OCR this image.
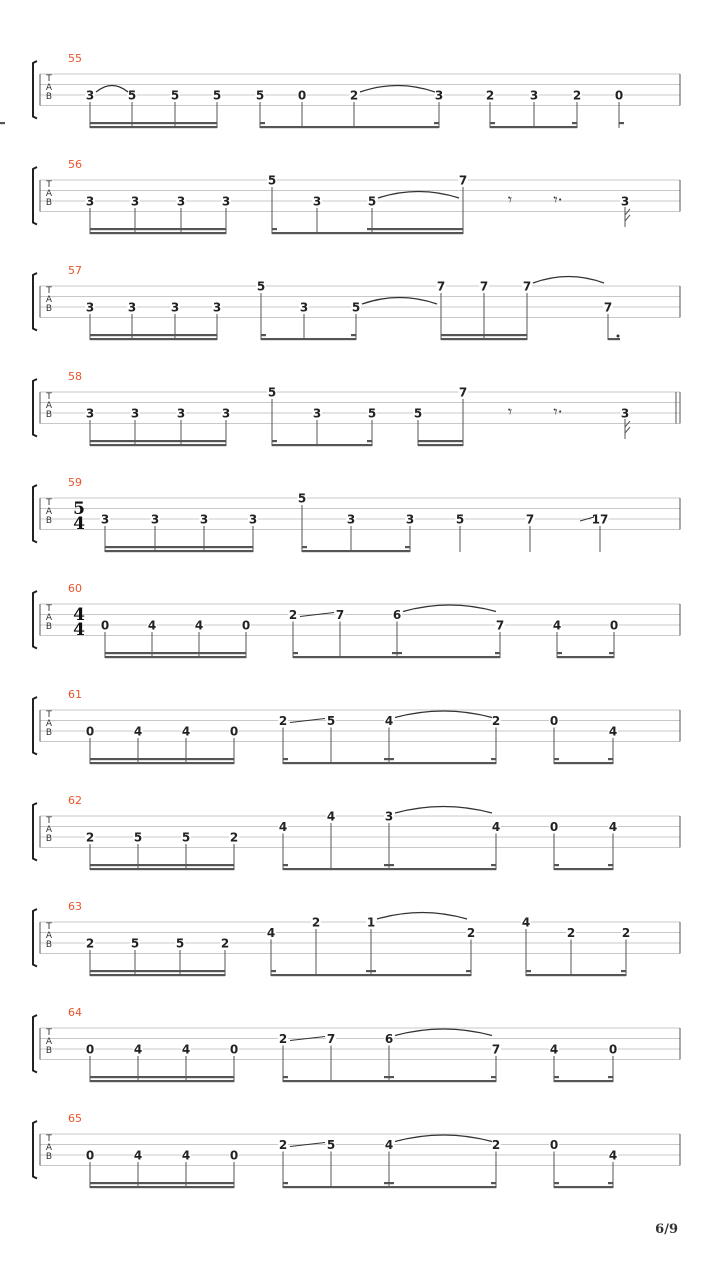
T
A
B
55
3	5	5	5	5	0	2	3	2	3	2	0
T
A
B
56
3	3	3	3
5
3	5
7
3
𝄾	𝄾·
T
A
B
57
3	3	3	3
5
3	5
7	7	7
7
T
A
B
58
3	3	3	3
5
3	5	5
7
3
𝄾	𝄾·
T
A
B
59
5
4 3	3	3	3
5
3	3	5	7	17
T
A
B
60
4
4 0	4	4	0
2	7	6
7	4	0
T
A
B
61
0	4	4	0
2	5	4	2	0
4
T
A
B
62
2	5	5	2
4
4	3
4	0	4
T
A
B
63
2	5	5	2
4
2	1
2
4
2	2
T
A
B
64
0	4	4	0
2	7	6
7	4	0
T
A
B
65
0	4	4	0
2	5	4	2	0
4
6/9
